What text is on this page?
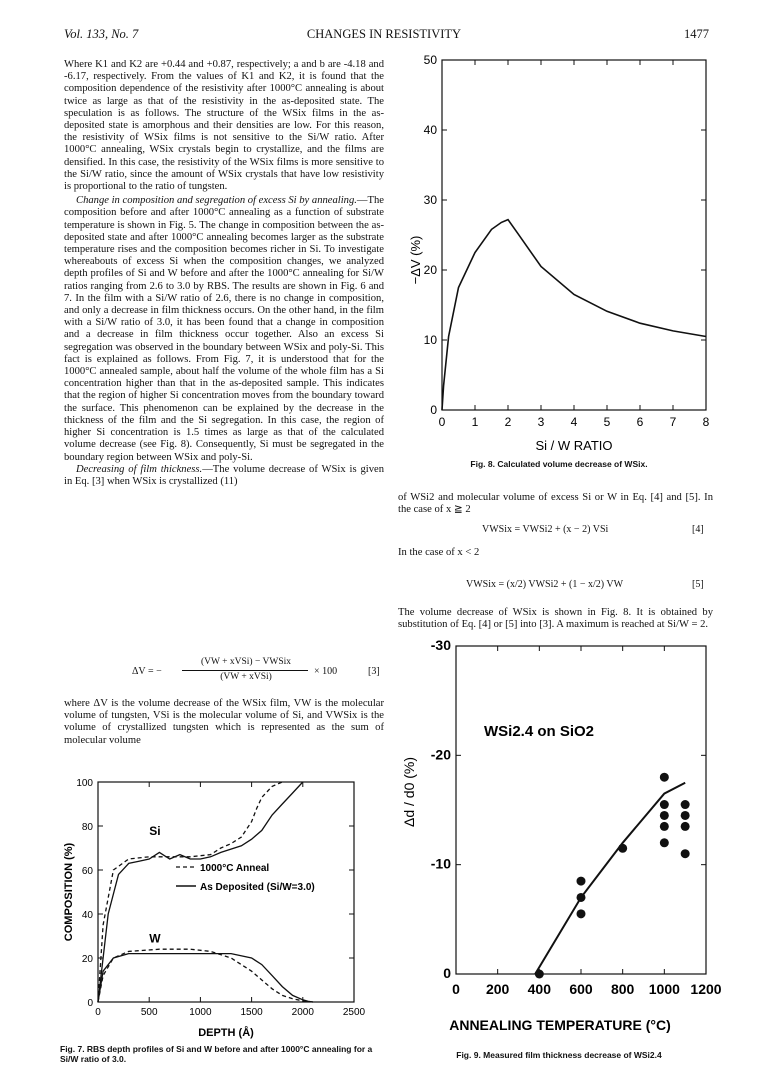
Vol. 133, No. 7	CHANGES IN RESISTIVITY	1477

Where K1 and K2 are +0.44 and +0.87, respectively; a and b are -4.18 and -6.17, respectively. From the values of K1 and K2, it is found that the composition dependence of the resistivity after 1000°C annealing is about twice as large as that of the resistivity in the as-deposited state. The speculation is as follows. The structure of the WSix films in the as-deposited state is amorphous and their densities are low. For this reason, the resistivity of WSix films is not sensitive to the Si/W ratio. After 1000°C annealing, WSix crystals begin to crystallize, and the films are densified. In this case, the resistivity of the WSix films is more sensitive to the Si/W ratio, since the amount of WSix crystals that have low resistivity is proportional to the ratio of tungsten.

Change in composition and segregation of excess Si by annealing.—The composition before and after 1000°C annealing as a function of substrate temperature is shown in Fig. 5. The change in composition between the as-deposited state and after 1000°C annealing becomes larger as the substrate temperature rises and the composition becomes richer in Si. To investigate whereabouts of excess Si when the composition changes, we analyzed depth profiles of Si and W before and after the 1000°C annealing for Si/W ratios ranging from 2.6 to 3.0 by RBS. The results are shown in Fig. 6 and 7. In the film with a Si/W ratio of 2.6, there is no change in composition, and only a decrease in film thickness occurs. On the other hand, in the film with a Si/W ratio of 3.0, it has been found that a change in composition and a decrease in film thickness occur together. Also an excess Si segregation was observed in the boundary between WSix and poly-Si. This fact is explained as follows. From Fig. 7, it is understood that for the 1000°C annealed sample, about half the volume of the whole film has a Si concentration higher than that in the as-deposited sample. This indicates that the region of higher Si concentration moves from the boundary toward the surface. This phenomenon can be explained by the decrease in the thickness of the film and the Si segregation. In this case, the region of higher Si concentration is 1.5 times as large as that of the calculated volume decrease (see Fig. 8). Consequently, Si must be segregated in the boundary region between WSix and poly-Si.

Decreasing of film thickness.—The volume decrease of WSix is given in Eq. [3] when WSix is crystallized (11)

ΔV = −
(VW + xVSi) − VWSix
(VW + xVSi)	× 100	[3]

where ΔV is the volume decrease of the WSix film, VW is the molecular volume of tungsten, VSi is the molecular volume of Si, and VWSix is the volume of crystallized tungsten which is represented as the sum of molecular volume

0 1 2 3 4 5 6 7 8
0
10
20
30
40
50
Si / W RATIO
−ΔV (%)
Fig. 8. Calculated volume decrease of WSix.

of WSi2 and molecular volume of excess Si or W in Eq. [4] and [5]. In the case of x ≧ 2

VWSix = VWSi2 + (x − 2) VSi	[4]

In the case of x < 2

VWSix = (x/2) VWSi2 + (1 − x/2) VW	[5]

The volume decrease of WSix is shown in Fig. 8. It is obtained by substitution of Eq. [4] or [5] into [3]. A maximum is reached at Si/W = 2.

0	500	1000	1500	2000	2500
0
20
40
60
80
100
Si
W
1000°C Anneal
As Deposited (Si/W=3.0)
DEPTH (Å)
COMPOSITION (%)
Fig. 7. RBS depth profiles of Si and W before and after 1000°C annealing for a Si/W ratio of 3.0.
0 200 400 600 800 1000 1200
0
-10
-20
-30
WSi2.4 on SiO2
ANNEALING TEMPERATURE (°C)
Δd / d0 (%)
Fig. 9. Measured film thickness decrease of WSi2.4
